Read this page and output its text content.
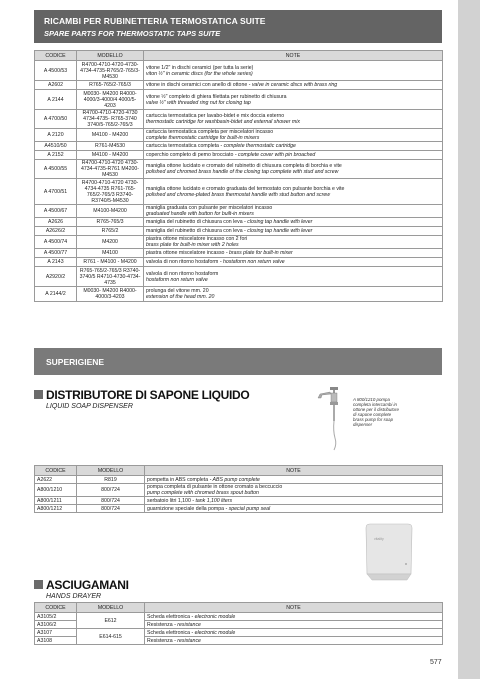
RICAMBI PER RUBINETTERIA TERMOSTATICA SUITE
SPARE PARTS FOR THERMOSTATIC TAPS SUITE
CODICE	MODELLO	NOTE
A 4500/53	R4700-4710-4720-4730-4734-4735-R765/2-765/3-M4530	vitone 1/2" in dischi ceramici (per tutta la serie)
viton ½" in ceramic discs (for the whole series)
A2602	R765-765/2-765/3	vitone in dischi ceramici con anello di ottone - valve in ceramic discs with brass ring
A 2144	M0030- M4200 R4000-4000/3-4000/4 4000/5-4203	vitone ½" completo di ghiera filettata per rubinetto di chiusura
valve ½" with threaded ring nut for closing tap
A 4700/50	R4700-4710-4720-4730 4734-4735- R765-3740 3740/5-765/2-765/3	cartuccia termostatica per lavabo-bidet e mix doccia esterno
thermostatic cartridge for washbasin-bidet and external shower mix
A 2120	M4100 - M4200	cartuccia termostatica completa per miscelatori incasso
complete thermostatic cartridge for built-in mixers
A4510/50	R761-M4530	cartuccia termostatica completa - complete thermostatic cartridge
A 2152	M4100 - M4200	coperchio completo di pemo brocciato - complete cover with pin broached
A 4500/55	R4700-4710-4720 4730-4734-4735-R761 M4200-M4530	maniglia ottone lucidato e cromato del rubinetto di chiusura completa di borchia e vite
polished and chromed brass handle of the closing tap complete with stud and screw
A 4700/51	R4700-4710-4720 4730-4734-4735 R761-765-765/2-765/3 R3740-R3740/5-M4530	maniglia ottone lucidato e cromato graduata del termostato con pulsante borchia e vite
polished and chrome-plated brass thermostat handle with stud button and screw
A 4500/67	M4100-M4200	maniglia graduata con pulsante per miscelatori incasso
graduated handle with button for built-in mixers
A2626	R765-765/3	maniglia del rubinetto di chiusura con leva - closing tap handle with lever
A2626/2	R765/2	maniglia del rubinetto di chiusura con leva - closing tap handle with lever
A 4500/74	M4200	piastra ottone miscelatore incasso con 2 fori
brass plate for built-in mixer with 2 holes
A 4500/77	M4100	piastra ottone miscelatore incasso - brass plate for built-in mixer
A 2143	R761 - M4100 - M4200	valvola di non ritorno hostaform - hostaform non return valve
A2920/2	R765-765/2-765/3 R3740-3740/5 R4710-4730-4734-4735	valvola di non ritorno hostaform
hostaform non return valve
A 2144/2	M0030- M4200 R4000-4000/3-4203	prolunga del vitone mm. 20
extension of the head mm. 20
SUPERIGIENE
DISTRIBUTORE DI SAPONE LIQUIDO
LIQUID SOAP DISPENSER
A 800/1210 pompa completa intercambi in ottone per il distributore di sapone complete brass pump for soap dispenser
CODICE	MODELLO	NOTE
A2622	R819	pompetta in ABS completa - ABS pump complete
A800/1210	800/724	pompa completa di pulsante in ottone cromato a beccuccio
pump complete with chromed brass spout button
A800/1211	800/724	serbatoio litri 1,100 - tank 1,100 liters
A800/1212	800/724	guarnizione speciale della pompa - special pump seal
vitality
ASCIUGAMANI
HANDS DRAYER
CODICE	MODELLO	NOTE
A3105/2	E612	Scheda elettronica - electronic module
A3106/2		Resistenza - resistance
A3107	E614-615	Scheda elettronica - electronic module
A3108		Resistenza - resistance
577
